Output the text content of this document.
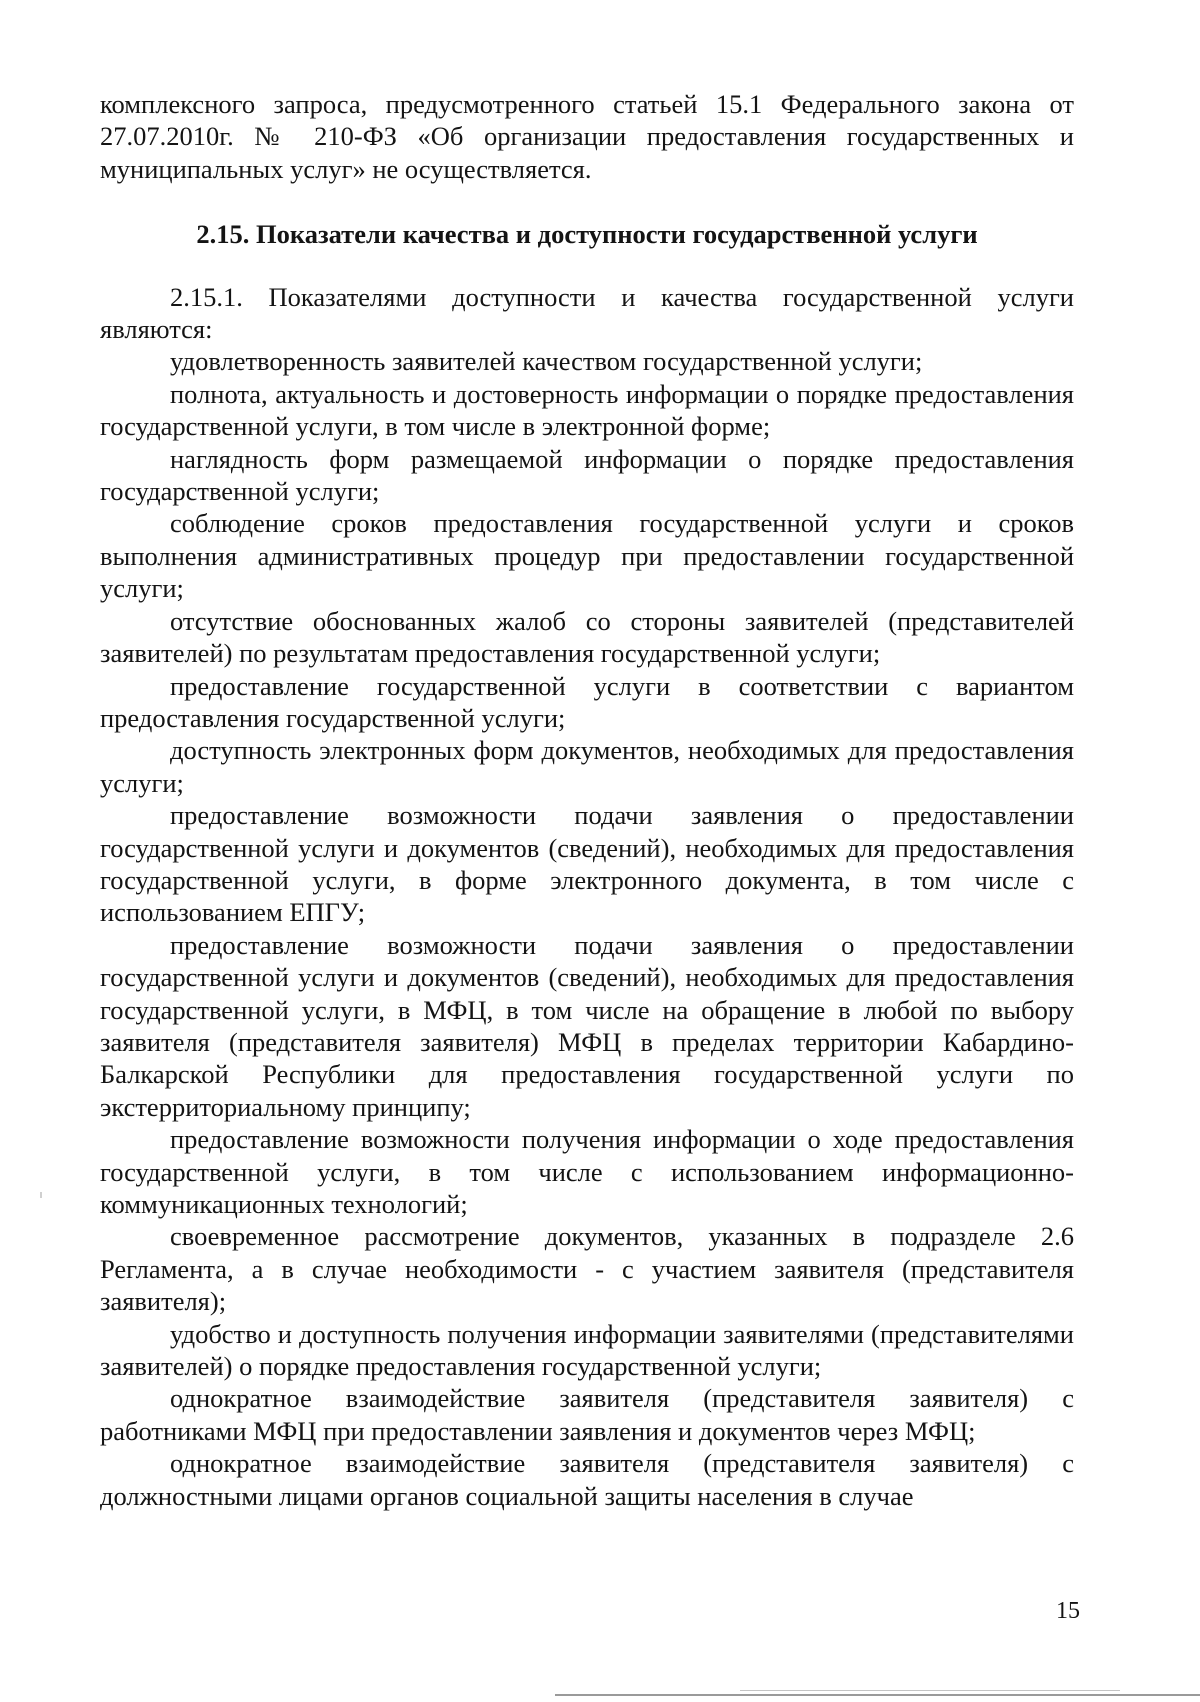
комплексного запроса, предусмотренного статьей 15.1 Федерального закона от 27.07.2010г. № 210-ФЗ «Об организации предоставления государственных и муниципальных услуг» не осуществляется.

2.15. Показатели качества и доступности государственной услуги

2.15.1. Показателями доступности и качества государственной услуги являются:

удовлетворенность заявителей качеством государственной услуги;

полнота, актуальность и достоверность информации о порядке предоставления государственной услуги, в том числе в электронной форме;

наглядность форм размещаемой информации о порядке предоставления государственной услуги;

соблюдение сроков предоставления государственной услуги и сроков выполнения административных процедур при предоставлении государственной услуги;

отсутствие обоснованных жалоб со стороны заявителей (представителей заявителей) по результатам предоставления государственной услуги;

предоставление государственной услуги в соответствии с вариантом предоставления государственной услуги;

доступность электронных форм документов, необходимых для предоставления услуги;

предоставление возможности подачи заявления о предоставлении государственной услуги и документов (сведений), необходимых для предоставления государственной услуги, в форме электронного документа, в том числе с использованием ЕПГУ;

предоставление возможности подачи заявления о предоставлении государственной услуги и документов (сведений), необходимых для предоставления государственной услуги, в МФЦ, в том числе на обращение в любой по выбору заявителя (представителя заявителя) МФЦ в пределах территории Кабардино-Балкарской Республики для предоставления государственной услуги по экстерриториальному принципу;

предоставление возможности получения информации о ходе предоставления государственной услуги, в том числе с использованием информационно-коммуникационных технологий;

своевременное рассмотрение документов, указанных в подразделе 2.6 Регламента, а в случае необходимости - с участием заявителя (представителя заявителя);

удобство и доступность получения информации заявителями (представителями заявителей) о порядке предоставления государственной услуги;

однократное взаимодействие заявителя (представителя заявителя) с работниками МФЦ при предоставлении заявления и документов через МФЦ;

однократное взаимодействие заявителя (представителя заявителя) с должностными лицами органов социальной защиты населения в случае

15
